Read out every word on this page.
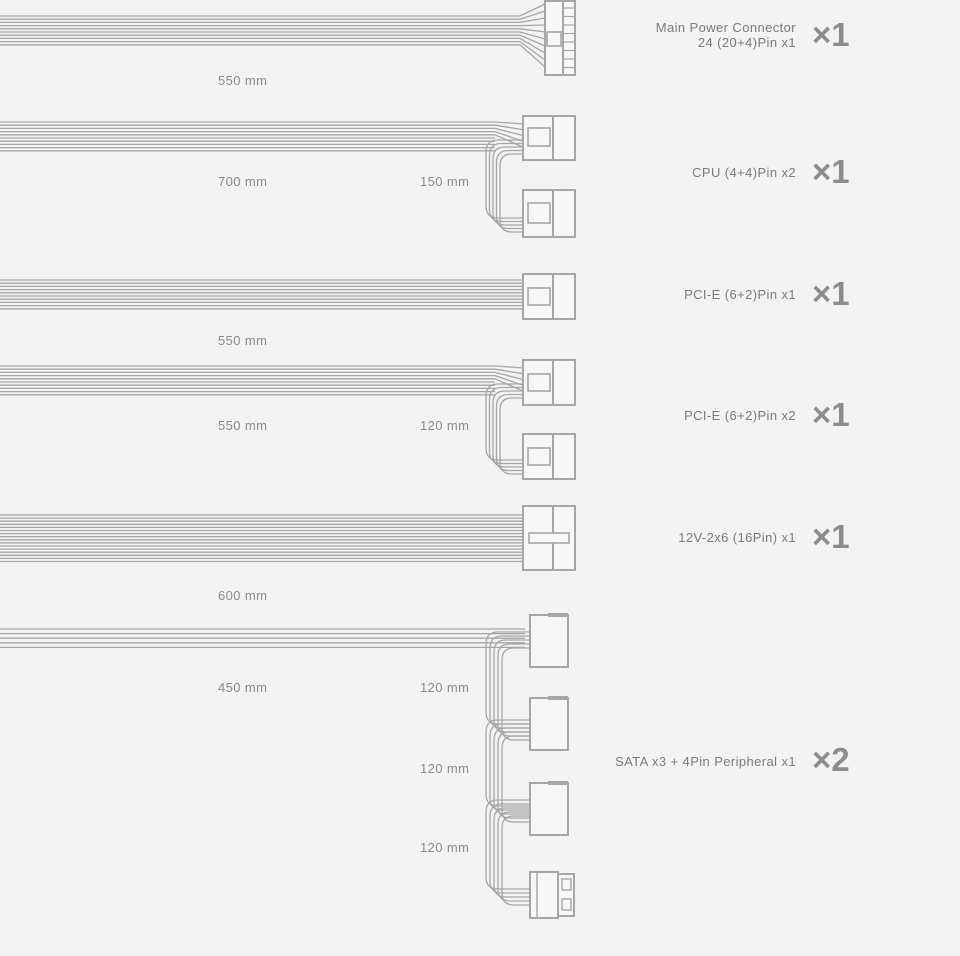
550 mm
Main Power Connector
24 (20+4)Pin x1 ×1
700 mm	150 mm
CPU (4+4)Pin x2 ×1
550 mm
PCI-E (6+2)Pin x1 ×1
550 mm	120 mm
PCI-E (6+2)Pin x2 ×1
600 mm
12V-2x6 (16Pin) x1 ×1
450 mm	120 mm
120 mm
120 mm
SATA x3 + 4Pin Peripheral x1 ×2
